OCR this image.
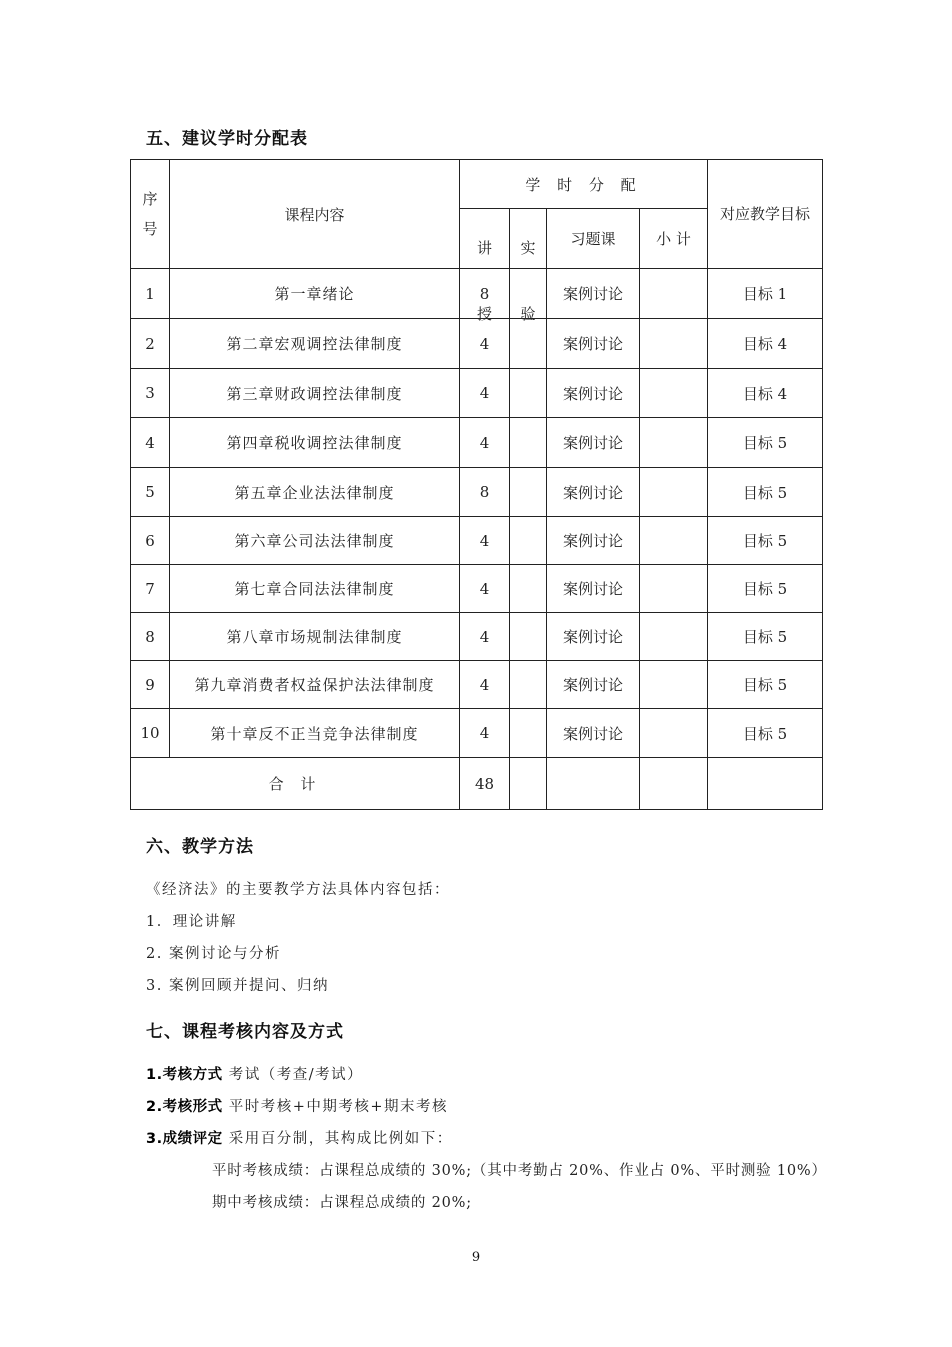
五、建议学时分配表
序号	课程内容	学 时 分 配				对应教学目标

		讲授	实验	习题课	小 计	
1	第一章绪论	8		案例讨论		目标 1
2	第二章宏观调控法律制度	4		案例讨论		目标 4
3	第三章财政调控法律制度	4		案例讨论		目标 4
4	第四章税收调控法律制度	4		案例讨论		目标 5
5	第五章企业法法律制度	8		案例讨论		目标 5
6	第六章公司法法律制度	4		案例讨论		目标 5
7	第七章合同法法律制度	4		案例讨论		目标 5
8	第八章市场规制法律制度	4		案例讨论		目标 5
9	第九章消费者权益保护法法律制度	4		案例讨论		目标 5
10	第十章反不正当竞争法律制度	4		案例讨论		目标 5
合 计		48				
六、教学方法

《经济法》的主要教学方法具体内容包括：

1．理论讲解

2. 案例讨论与分析

3. 案例回顾并提问、归纳

七、课程考核内容及方式

1.考核方式 考试（考查/考试）

2.考核形式 平时考核+中期考核+期末考核

3.成绩评定 采用百分制，其构成比例如下：

平时考核成绩：占课程总成绩的 30%;（其中考勤占 20%、作业占 0%、平时测验 10%）

期中考核成绩：占课程总成绩的 20%;

9
